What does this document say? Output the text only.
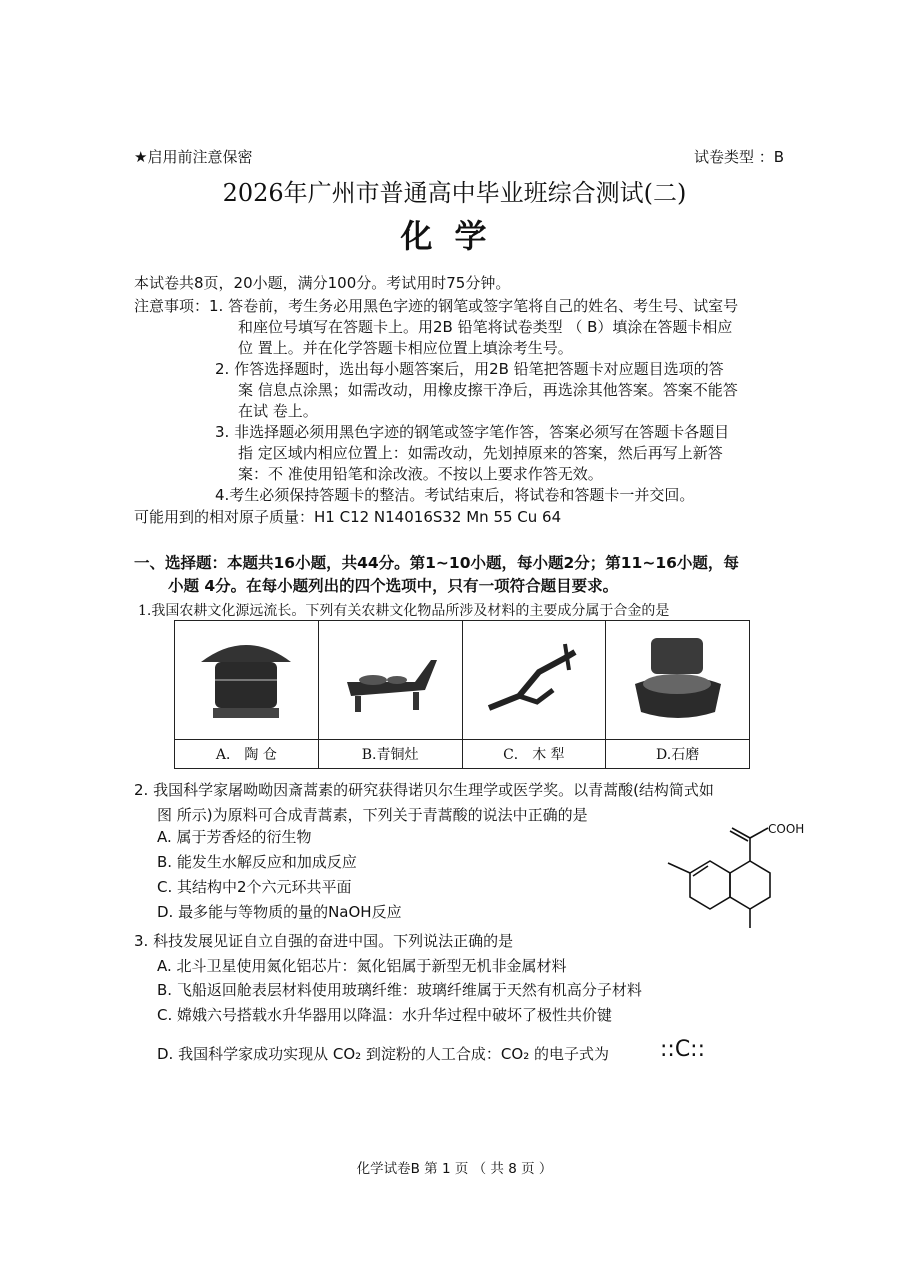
★启用前注意保密	试卷类型 ：B
2026年广州市普通高中毕业班综合测试(二)
化学
本试卷共8页，20小题，满分100分。考试用时75分钟。
注意事项：1. 答卷前，考生务必用黑色字迹的钢笔或签字笔将自己的姓名、考生号、试室号
和座位号填写在答题卡上。用2B 铅笔将试卷类型 （ B）填涂在答题卡相应
位 置上。并在化学答题卡相应位置上填涂考生号。
2. 作答选择题时，选出每小题答案后，用2B 铅笔把答题卡对应题目选项的答
案 信息点涂黑；如需改动，用橡皮擦干净后，再选涂其他答案。答案不能答
在试 卷上。
3. 非选择题必须用黑色字迹的钢笔或签字笔作答，答案必须写在答题卡各题目
指 定区域内相应位置上：如需改动，先划掉原来的答案，然后再写上新答
案：不 准使用铅笔和涂改液。不按以上要求作答无效。
4.考生必须保持答题卡的整洁。考试结束后，将试卷和答题卡一并交回。
可能用到的相对原子质量：H1 C12 N14016S32 Mn 55 Cu 64
一、选择题：本题共16小题，共44分。第1~10小题，每小题2分；第11~16小题，每
小题 4分。在每小题列出的四个选项中，只有一项符合题目要求。
1.我国农耕文化源远流长。下列有关农耕文化物品所涉及材料的主要成分属于合金的是

A． 陶 仓	B.青铜灶	C． 木 犁	D.石磨
2. 我国科学家屠呦呦因斎蒿素的研究获得诺贝尔生理学或医学奖。以青蒿酸(结构简式如
图 所示)为原料可合成青蒿素，下列关于青蒿酸的说法中正确的是
A. 属于芳香烃的衍生物
B. 能发生水解反应和加成反应
C. 其结构中2个六元环共平面
D. 最多能与等物质的量的NaOH反应
COOH
3. 科技发展见证自立自强的奋进中国。下列说法正确的是
A. 北斗卫星使用氮化铝芯片：氮化铝属于新型无机非金属材料
B. 飞船返回舱表层材料使用玻璃纤维：玻璃纤维属于天然有机高分子材料
C. 嫦娥六号搭载水升华器用以降温：水升华过程中破坏了极性共价键
D. 我国科学家成功实现从 CO₂ 到淀粉的人工合成：CO₂ 的电子式为 ::C::
化学试卷B 第 1 页 （ 共 8 页 ）
